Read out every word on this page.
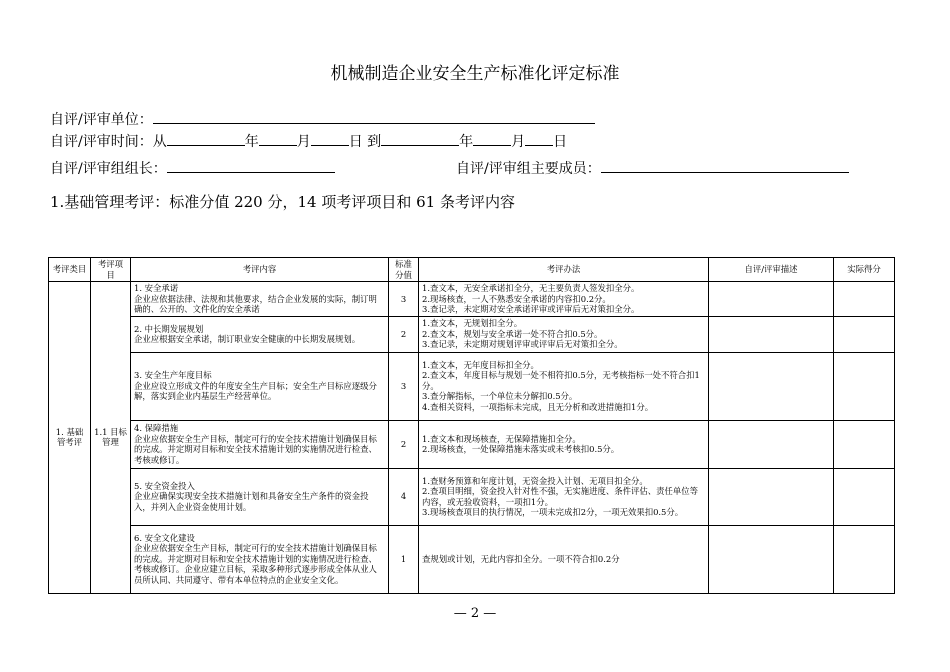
机械制造企业安全生产标准化评定标准
自评/评审单位：
自评/评审时间：从	年	月	日 到	年	月 日
自评/评审组组长：	自评/评审组主要成员：
1.基础管理考评：标准分值 220 分，14 项考评项目和 61 条考评内容
考评类目	考评项目	考评内容	标准分值	考评办法	自评/评审描述	实际得分
1. 基础管考评	1.1 目标管理	1. 安全承诺
企业应依据法律、法规和其他要求，结合企业发展的实际，制订明确的、公开的、文件化的安全承诺	3	1.查文本，无安全承诺扣全分，无主要负责人签发扣全分。
2.现场核查，一人不熟悉安全承诺的内容扣0.2分。
3.查记录，未定期对安全承诺评审或评审后无对策扣全分。		
		2. 中长期发展规划
企业应根据安全承诺，制订职业安全健康的中长期发展规划。	2	1.查文本，无规划扣全分。
2.查文本，规划与安全承诺一处不符合扣0.5分。
3.查记录，未定期对规划评审或评审后无对策扣全分。		
		3. 安全生产年度目标
企业应设立形成文件的年度安全生产目标；安全生产目标应逐级分解，落实到企业内基层生产经营单位。	3	1.查文本，无年度目标扣全分。
2.查文本，年度目标与规划一处不相符扣0.5分，无考核指标一处不符合扣1分。
3.查分解指标，一个单位未分解扣0.5分。
4.查相关资料，一项指标未完成，且无分析和改进措施扣1分。		
		4. 保障措施
企业应依据安全生产目标，制定可行的安全技术措施计划确保目标的完成。并定期对目标和安全技术措施计划的实施情况进行检查、考核或修订。	2	1.查文本和现场核查，无保障措施扣全分。
2.现场核查，一处保障措施未落实或未考核扣0.5分。		
		5. 安全资金投入
企业应确保实现安全技术措施计划和具备安全生产条件的资金投入，并列入企业资金使用计划。	4	1.查财务预算和年度计划，无资金投入计划、无项目扣全分。
2.查项目明细，资金投入针对性不强，无实施进度、条件评估、责任单位等内容，或无验收资料，一项扣1分。
3.现场核查项目的执行情况，一项未完成扣2分，一项无效果扣0.5分。		
		6. 安全文化建设
企业应依据安全生产目标，制定可行的安全技术措施计划确保目标的完成。并定期对目标和安全技术措施计划的实施情况进行检查、考核或修订。企业应建立目标，采取多种形式逐步形成全体从业人员所认同、共同遵守、带有本单位特点的企业安全文化。	1	查规划或计划，无此内容扣全分。一项不符合扣0.2分		
— 2 —
